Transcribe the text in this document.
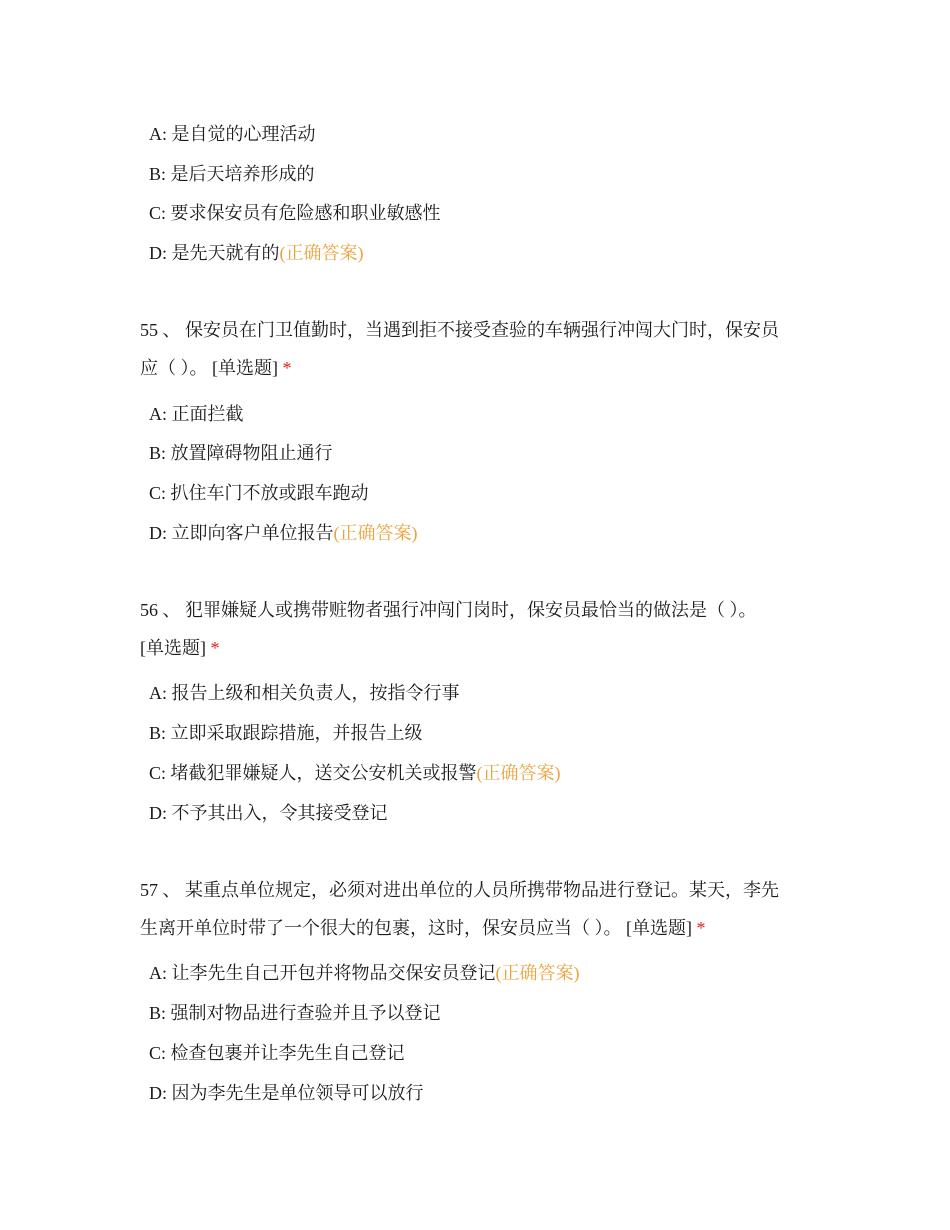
A: 是自觉的心理活动
B: 是后天培养形成的
C: 要求保安员有危险感和职业敏感性
D: 是先天就有的(正确答案)
55 、 保安员在门卫值勤时，当遇到拒不接受查验的车辆强行冲闯大门时，保安员
应（ ）。 [单选题] *
A: 正面拦截
B: 放置障碍物阻止通行
C: 扒住车门不放或跟车跑动
D: 立即向客户单位报告(正确答案)
56 、 犯罪嫌疑人或携带赃物者强行冲闯门岗时，保安员最恰当的做法是（ ）。
[单选题] *
A: 报告上级和相关负责人，按指令行事
B: 立即采取跟踪措施，并报告上级
C: 堵截犯罪嫌疑人，送交公安机关或报警(正确答案)
D: 不予其出入，令其接受登记
57 、 某重点单位规定，必须对进出单位的人员所携带物品进行登记。某天，李先
生离开单位时带了一个很大的包裹，这时，保安员应当（ ）。 [单选题] *
A: 让李先生自己开包并将物品交保安员登记(正确答案)
B: 强制对物品进行查验并且予以登记
C: 检查包裹并让李先生自己登记
D: 因为李先生是单位领导可以放行
